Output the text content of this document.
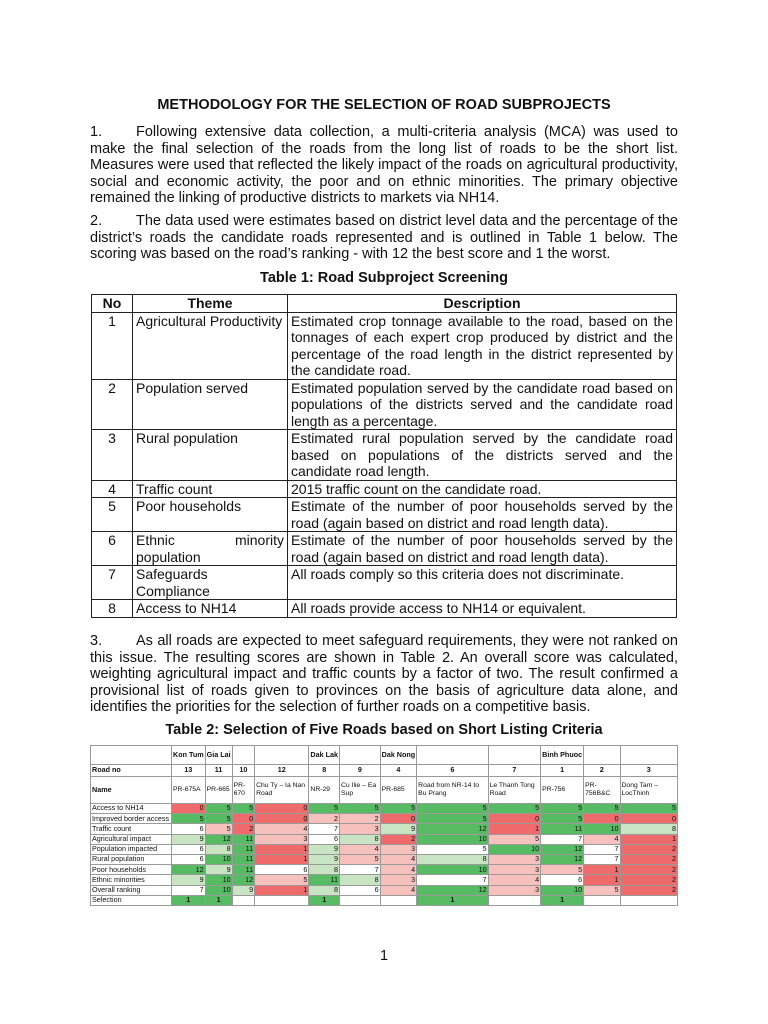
METHODOLOGY FOR THE SELECTION OF ROAD SUBPROJECTS
1. Following extensive data collection, a multi-criteria analysis (MCA) was used to make the final selection of the roads from the long list of roads to be the short list. Measures were used that reflected the likely impact of the roads on agricultural productivity, social and economic activity, the poor and on ethnic minorities. The primary objective remained the linking of productive districts to markets via NH14.
2. The data used were estimates based on district level data and the percentage of the district’s roads the candidate roads represented and is outlined in Table 1 below. The scoring was based on the road’s ranking - with 12 the best score and 1 the worst.
Table 1: Road Subproject Screening
No	Theme	Description
1	Agricultural Productivity	Estimated crop tonnage available to the road, based on the tonnages of each expert crop produced by district and the percentage of the road length in the district represented by the candidate road.
2	Population served	Estimated population served by the candidate road based on populations of the districts served and the candidate road length as a percentage.
3	Rural population	Estimated rural population served by the candidate road based on populations of the districts served and the candidate road length.
4	Traffic count	2015 traffic count on the candidate road.
5	Poor households	Estimate of the number of poor households served by the road (again based on district and road length data).
6	Ethnic minority population	Estimate of the number of poor households served by the road (again based on district and road length data).
7	Safeguards Compliance	All roads comply so this criteria does not discriminate.
8	Access to NH14	All roads provide access to NH14 or equivalent.
3. As all roads are expected to meet safeguard requirements, they were not ranked on this issue. The resulting scores are shown in Table 2. An overall score was calculated, weighting agricultural impact and traffic counts by a factor of two. The result confirmed a provisional list of roads given to provinces on the basis of agriculture data alone, and identifies the priorities for the selection of further roads on a competitive basis.
Table 2: Selection of Five Roads based on Short Listing Criteria
	Kon Tum	Gia Lai			Dak Lak		Dak Nong			Binh Phuoc		
Road no	13	11	10	12	8	9	4	6	7	1	2	3
Name	PR-675A	PR-665	PR-670	Chu Ty – Ia Nan Road	NR-29	Cu Ilie – Ea Sup	PR-685	Road from NR-14 to Bu Prang	Le Thanh Tong Road	PR-756	PR-756B&C	Dong Tam – LocThinh
Access to NH14	0	5	5	0	5	5	5	5	5	5	5	5
Improved border access	5	5	0	0	2	2	0	5	0	5	0	0
Traffic count	6	5	2	4	7	3	9	12	1	11	10	8
Agricultural impact	9	12	11	3	6	8	2	10	5	7	4	1
Population impacted	6	8	11	1	9	4	3	5	10	12	7	2
Rural population	6	10	11	1	9	5	4	8	3	12	7	2
Poor households	12	9	11	6	8	7	4	10	3	5	1	2
Ethnic minorities	9	10	12	5	11	8	3	7	4	6	1	2
Overall ranking	7	10	9	1	8	6	4	12	3	10	5	2
Selection	1	1			1			1		1		
1
